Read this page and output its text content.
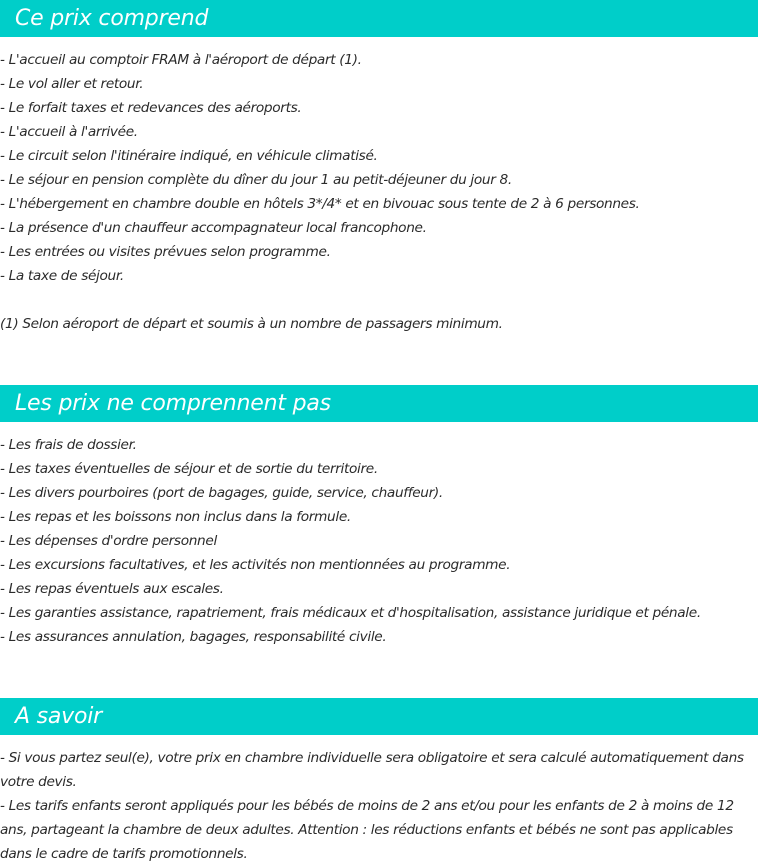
Ce prix comprend
- L'accueil au comptoir FRAM à l'aéroport de départ (1).
- Le vol aller et retour.
- Le forfait taxes et redevances des aéroports.
- L'accueil à l'arrivée.
- Le circuit selon l'itinéraire indiqué, en véhicule climatisé.
- Le séjour en pension complète du dîner du jour 1 au petit-déjeuner du jour 8.
- L'hébergement en chambre double en hôtels 3*/4* et en bivouac sous tente de 2 à 6 personnes.
- La présence d'un chauffeur accompagnateur local francophone.
- Les entrées ou visites prévues selon programme.
- La taxe de séjour.
(1) Selon aéroport de départ et soumis à un nombre de passagers minimum.
Les prix ne comprennent pas
- Les frais de dossier.
- Les taxes éventuelles de séjour et de sortie du territoire.
- Les divers pourboires (port de bagages, guide, service, chauffeur).
- Les repas et les boissons non inclus dans la formule.
- Les dépenses d'ordre personnel
- Les excursions facultatives, et les activités non mentionnées au programme.
- Les repas éventuels aux escales.
- Les garanties assistance, rapatriement, frais médicaux et d'hospitalisation, assistance juridique et pénale.
- Les assurances annulation, bagages, responsabilité civile.
A savoir
- Si vous partez seul(e), votre prix en chambre individuelle sera obligatoire et sera calculé automatiquement dans votre devis.
- Les tarifs enfants seront appliqués pour les bébés de moins de 2 ans et/ou pour les enfants de 2 à moins de 12 ans, partageant la chambre de deux adultes. Attention : les réductions enfants et bébés ne sont pas applicables dans le cadre de tarifs promotionnels.
